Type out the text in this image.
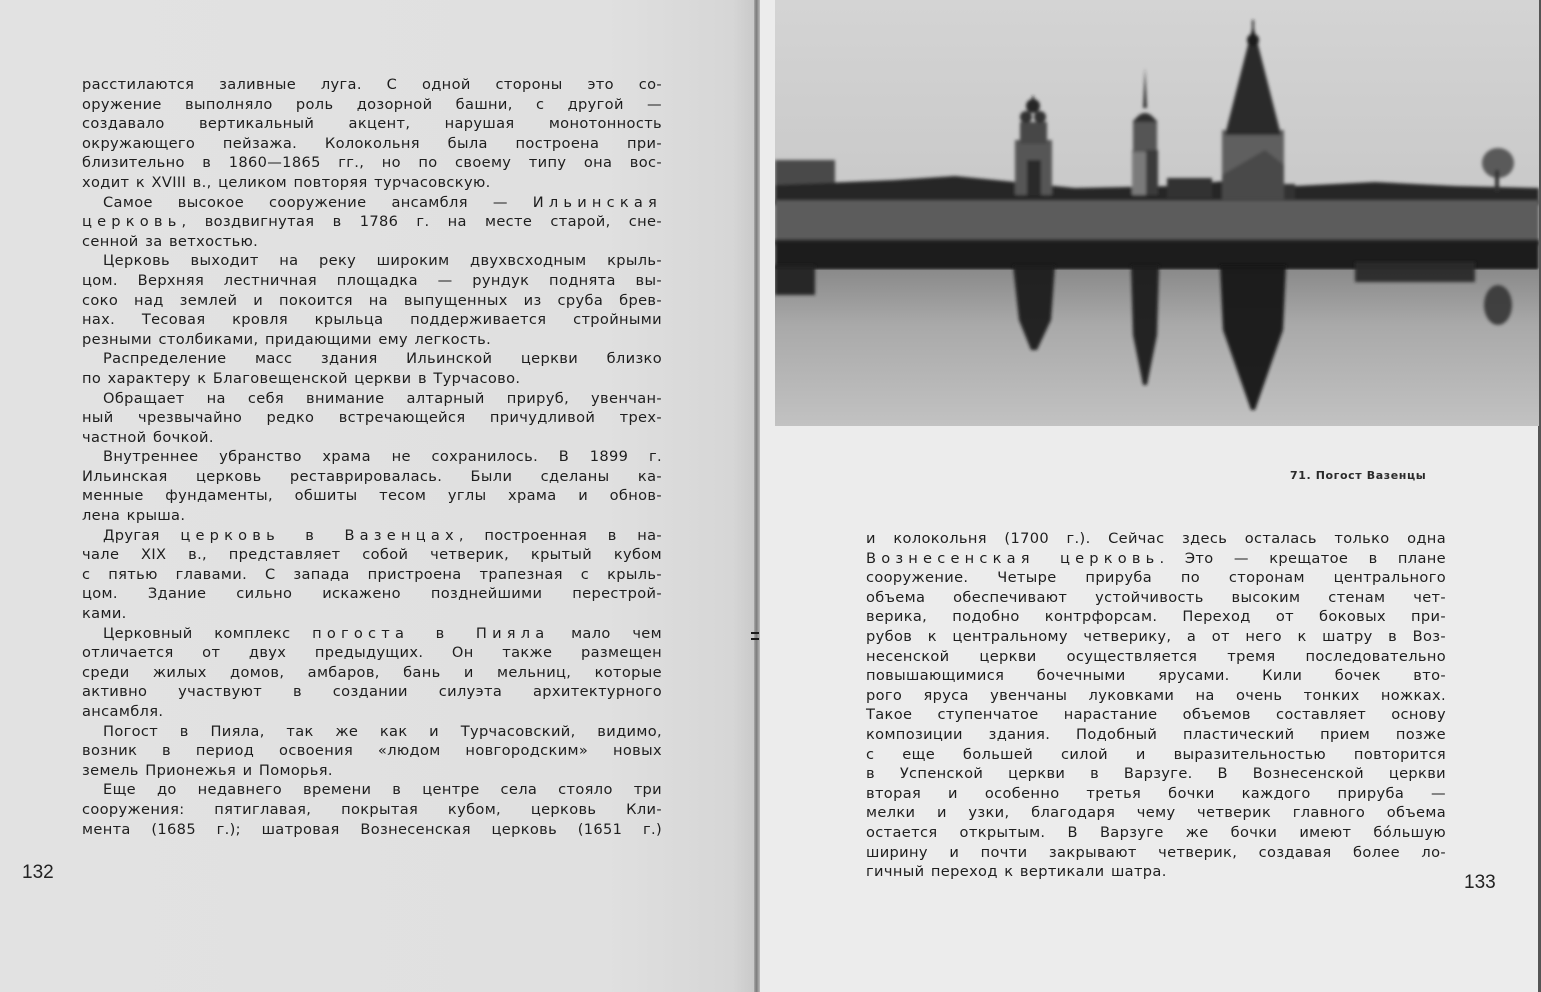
расстилаются заливные луга. С одной стороны это со-
оружение выполняло роль дозорной башни, с другой —
создавало вертикальный акцент, нарушая монотонность
окружающего пейзажа. Колокольня была построена при-
близительно в 1860—1865 гг., но по своему типу она вос-
ходит к XVIII в., целиком повторяя турчасовскую.
Самое высокое сооружение ансамбля — Ильинская
церковь, воздвигнутая в 1786 г. на месте старой, сне-
сенной за ветхостью.
Церковь выходит на реку широким двухвсходным крыль-
цом. Верхняя лестничная площадка — рундук поднята вы-
соко над землей и покоится на выпущенных из сруба брев-
нах. Тесовая кровля крыльца поддерживается стройными
резными столбиками, придающими ему легкость.
Распределение масс здания Ильинской церкви близко
по характеру к Благовещенской церкви в Турчасово.
Обращает на себя внимание алтарный прируб, увенчан-
ный чрезвычайно редко встречающейся причудливой трех-
частной бочкой.
Внутреннее убранство храма не сохранилось. В 1899 г.
Ильинская церковь реставрировалась. Были сделаны ка-
менные фундаменты, обшиты тесом углы храма и обнов-
лена крыша.
Другая церковь в Вазенцах, построенная в на-
чале XIX в., представляет собой четверик, крытый кубом
с пятью главами. С запада пристроена трапезная с крыль-
цом. Здание сильно искажено позднейшими перестрой-
ками.
Церковный комплекс погоста в Пияла мало чем
отличается от двух предыдущих. Он также размещен
среди жилых домов, амбаров, бань и мельниц, которые
активно участвуют в создании силуэта архитектурного
ансамбля.
Погост в Пияла, так же как и Турчасовский, видимо,
возник в период освоения «людом новгородским» новых
земель Прионежья и Поморья.
Еще до недавнего времени в центре села стояло три
сооружения: пятиглавая, покрытая кубом, церковь Кли-
мента (1685 г.); шатровая Вознесенская церковь (1651 г.)
132
71. Погост Вазенцы
и колокольня (1700 г.). Сейчас здесь осталась только одна
Вознесенская церковь. Это — крещатое в плане
сооружение. Четыре прируба по сторонам центрального
объема обеспечивают устойчивость высоким стенам чет-
верика, подобно контрфорсам. Переход от боковых при-
рубов к центральному четверику, а от него к шатру в Воз-
несенской церкви осуществляется тремя последовательно
повышающимися бочечными ярусами. Кили бочек вто-
рого яруса увенчаны луковками на очень тонких ножках.
Такое ступенчатое нарастание объемов составляет основу
композиции здания. Подобный пластический прием позже
с еще большей силой и выразительностью повторится
в Успенской церкви в Варзуге. В Вознесенской церкви
вторая и особенно третья бочки каждого прируба —
мелки и узки, благодаря чему четверик главного объема
остается открытым. В Варзуге же бочки имеют бо́льшую
ширину и почти закрывают четверик, создавая более ло-
гичный переход к вертикали шатра.
133
